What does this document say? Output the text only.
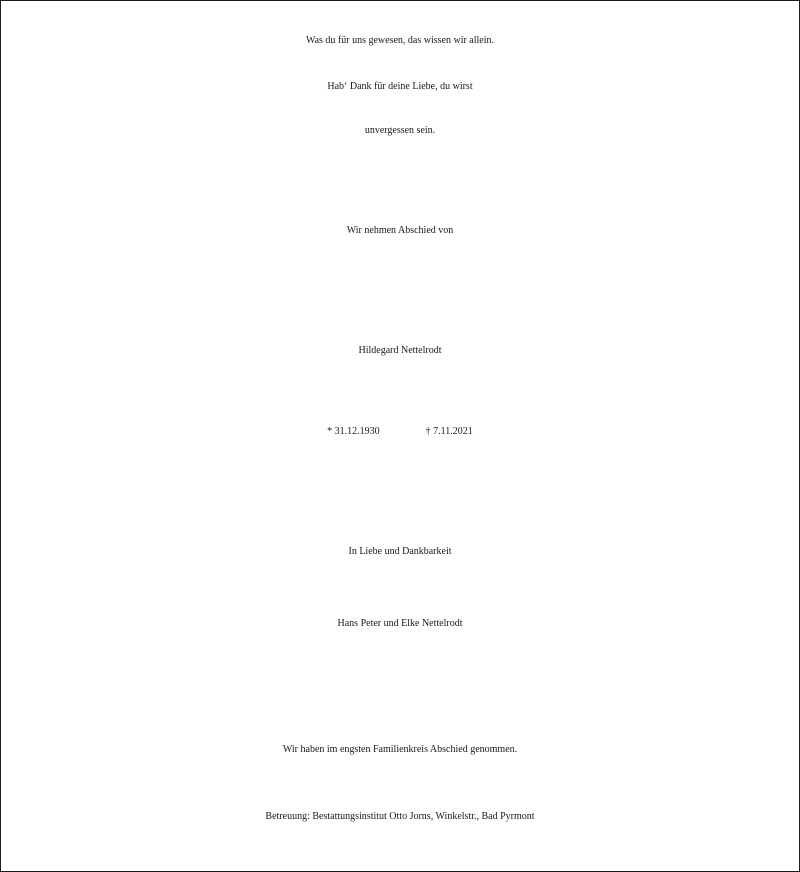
Was du für uns gewesen, das wissen wir allein.
Hab‘ Dank für deine Liebe, du wirst
unvergessen sein.
Wir nehmen Abschied von
Hildegard Nettelrodt
* 31.12.1930	† 7.11.2021
In Liebe und Dankbarkeit
Hans Peter und Elke Nettelrodt
Wir haben im engsten Familienkreis Abschied genommen.
Betreuung: Bestattungsinstitut Otto Jorns, Winkelstr., Bad Pyrmont
